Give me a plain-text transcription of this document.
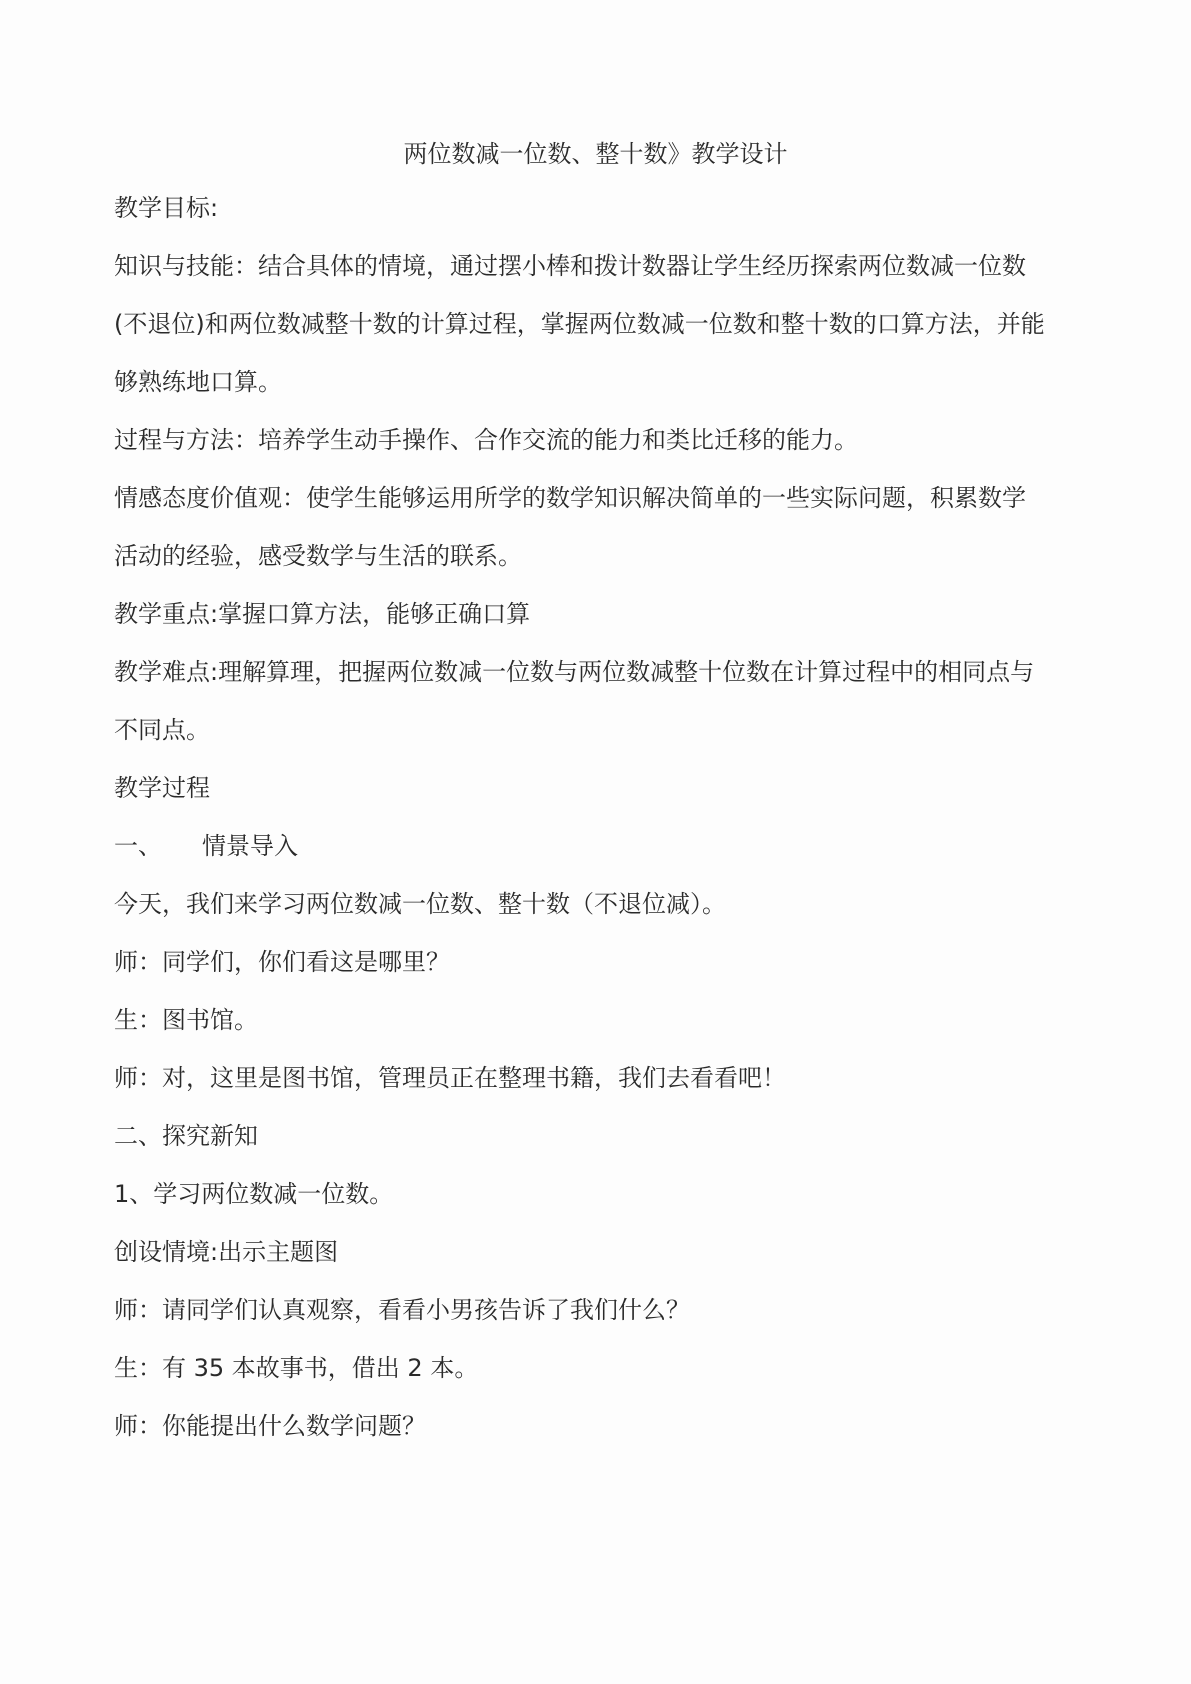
两位数减一位数、整十数》教学设计
教学目标:
知识与技能：结合具体的情境，通过摆小棒和拨计数器让学生经历探索两位数减一位数
(不退位)和两位数减整十数的计算过程，掌握两位数减一位数和整十数的口算方法，并能
够熟练地口算。
过程与方法：培养学生动手操作、合作交流的能力和类比迁移的能力。
情感态度价值观：使学生能够运用所学的数学知识解决简单的一些实际问题，积累数学
活动的经验，感受数学与生活的联系。
教学重点:掌握口算方法，能够正确口算
教学难点:理解算理，把握两位数减一位数与两位数减整十位数在计算过程中的相同点与
不同点。
教学过程
一、 情景导入
今天，我们来学习两位数减一位数、整十数（不退位减）。
师：同学们，你们看这是哪里？
生：图书馆。
师：对，这里是图书馆，管理员正在整理书籍，我们去看看吧！
二、探究新知
1、学习两位数减一位数。
创设情境:出示主题图
师：请同学们认真观察，看看小男孩告诉了我们什么？
生：有 35 本故事书，借出 2 本。
师：你能提出什么数学问题？
